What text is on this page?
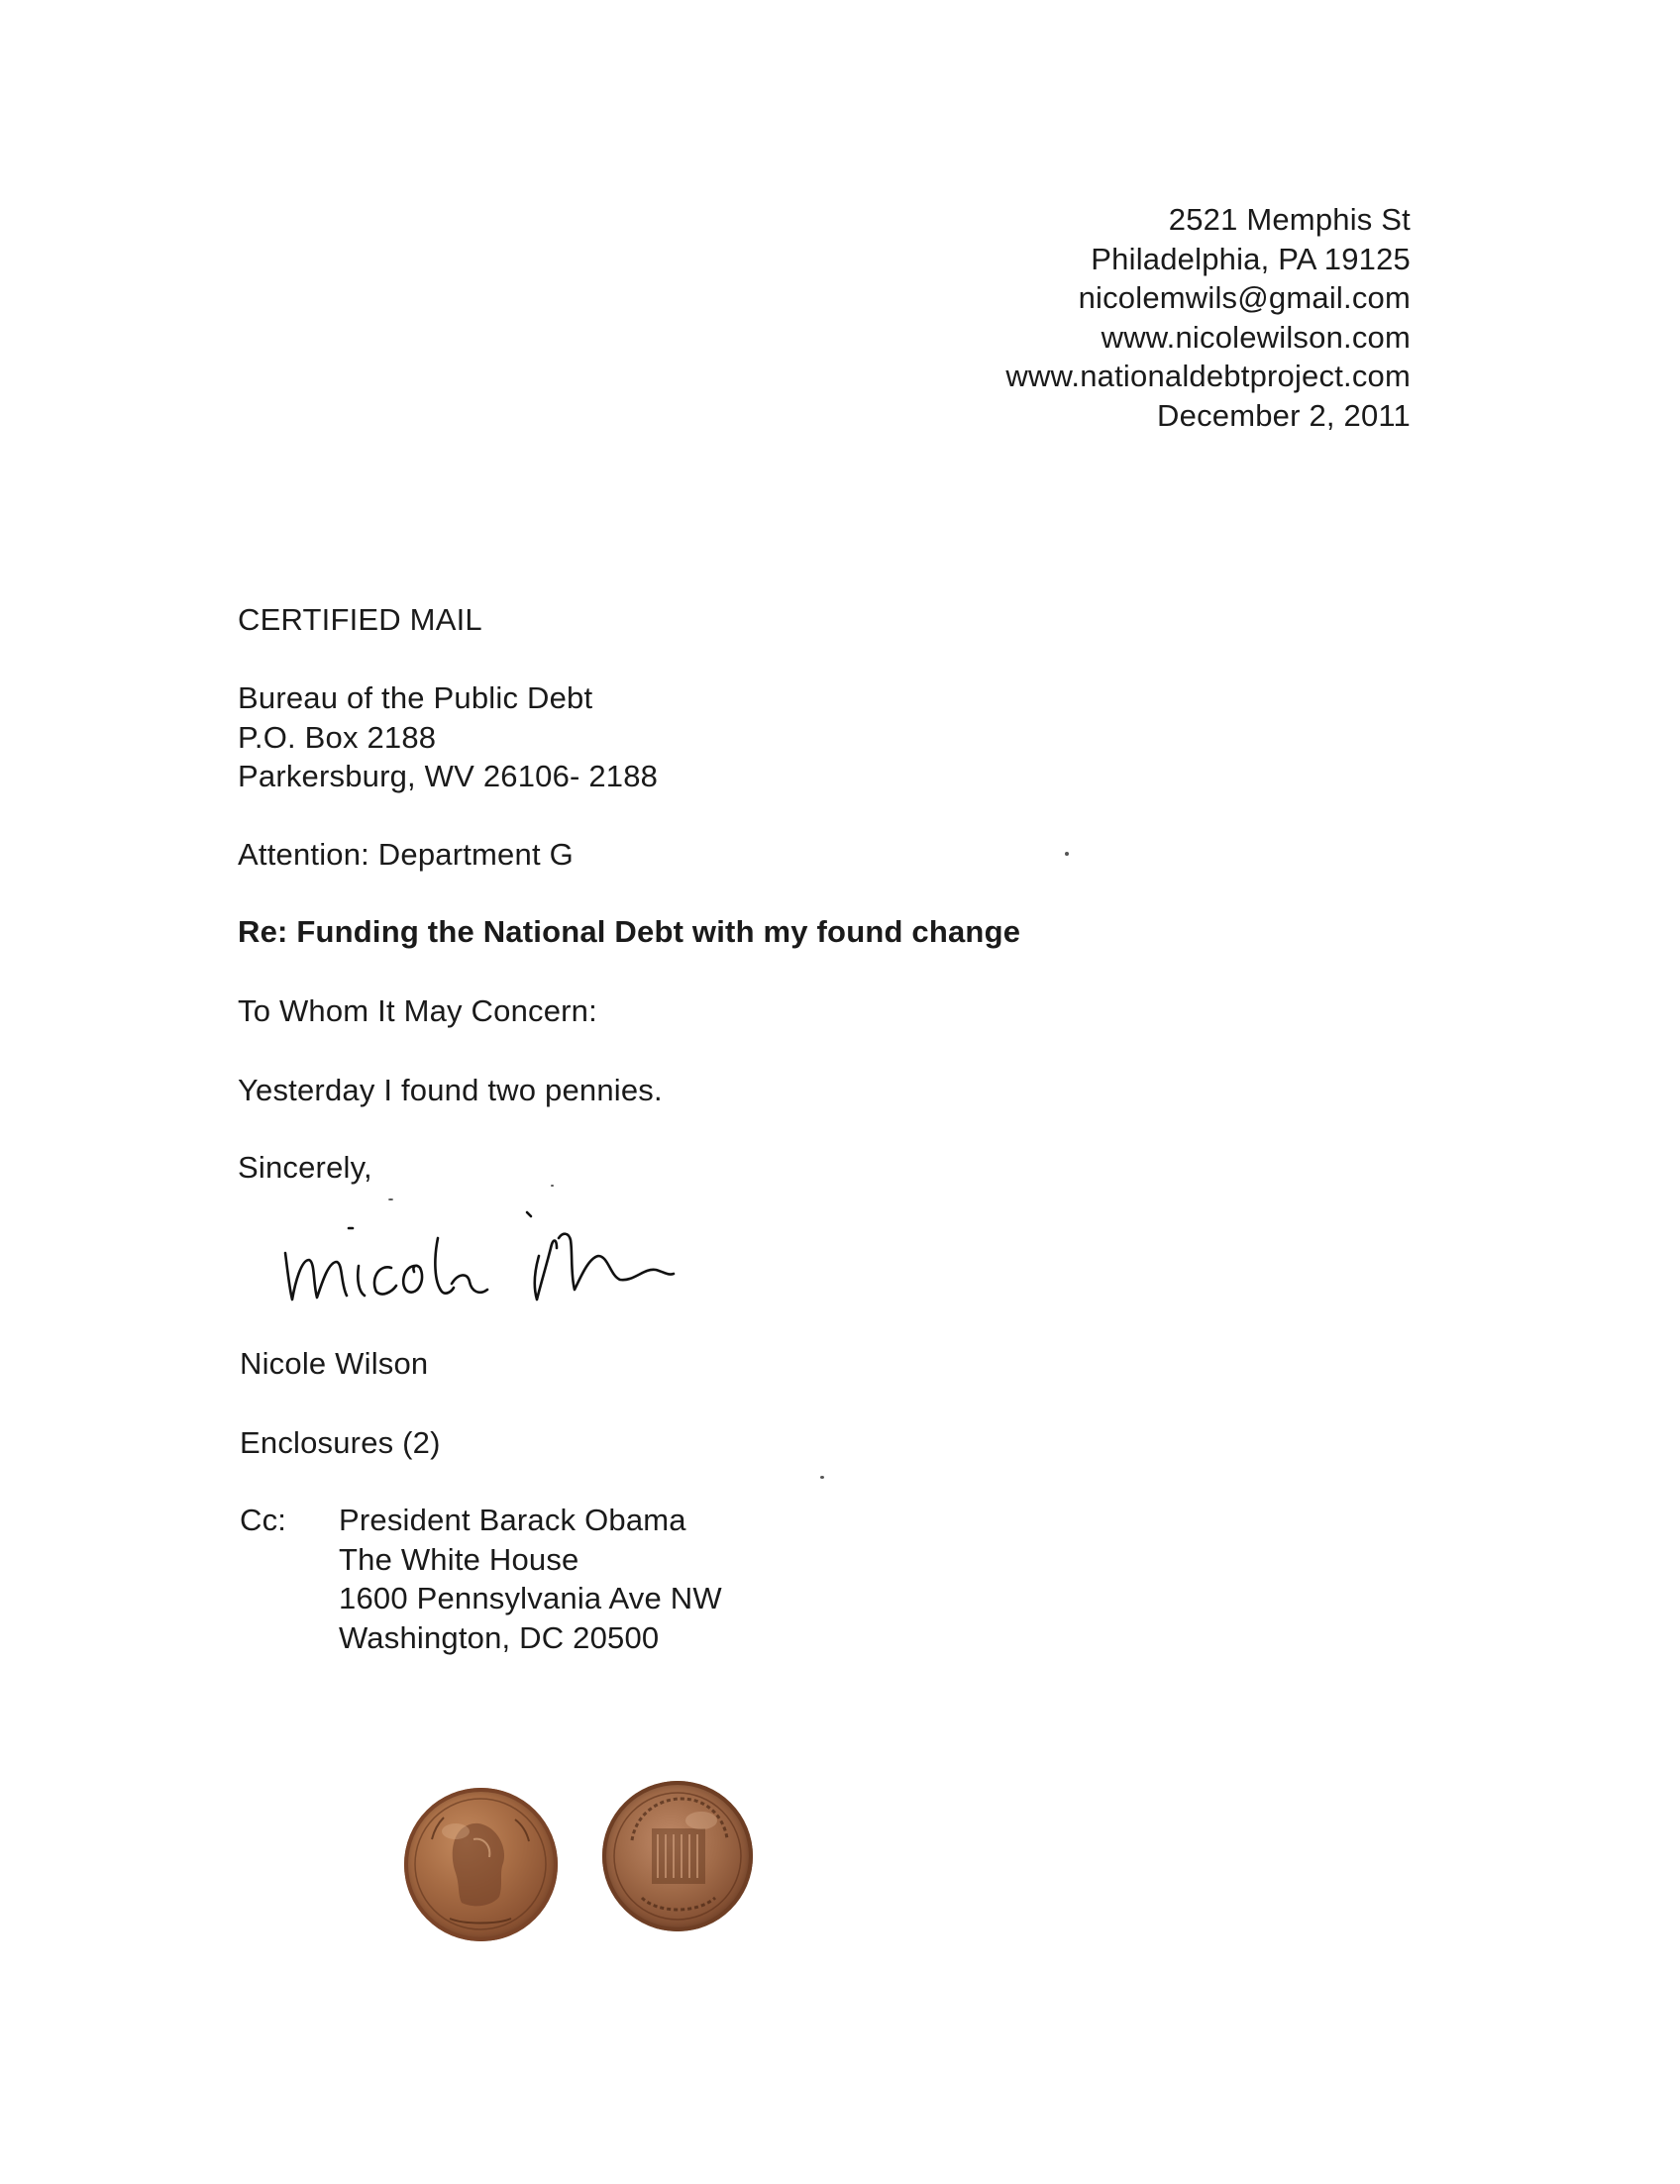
2521 Memphis St
Philadelphia, PA 19125
nicolemwils@gmail.com
www.nicolewilson.com
www.nationaldebtproject.com
December 2, 2011
CERTIFIED MAIL
Bureau of the Public Debt
P.O. Box 2188
Parkersburg, WV 26106- 2188
Attention: Department G
Re: Funding the National Debt with my found change
To Whom It May Concern:
Yesterday I found two pennies.
Sincerely,
Nicole Wilson
Enclosures (2)
Cc: President Barack Obama
The White House
1600 Pennsylvania Ave NW
Washington, DC 20500
